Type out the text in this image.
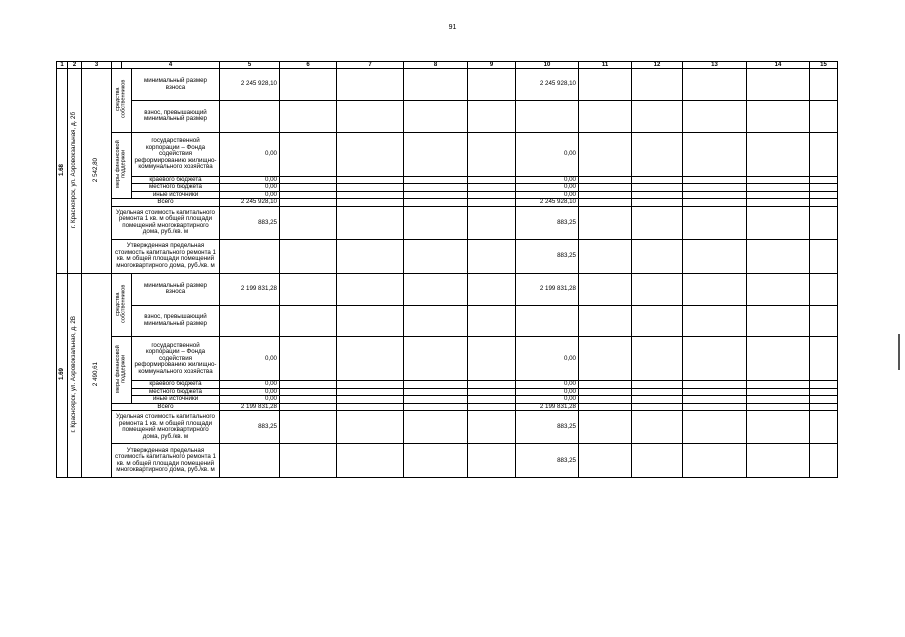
91
1	2	3		4		5	6	7	8	9	10	11	12	13	14	15
1.68	г. Красноярск, ул. Аэровокзальная, д. 2б	2 542,80	средства собственников		минимальный размер взноса	2 245 928,10					2 245 928,10					
					взнос, превышающий минимальный размер											
			меры финансовой поддержки		государственной корпорации – Фонда содействия реформированию жилищно-коммунального хозяйства	0,00					0,00					
					краевого бюджета	0,00					0,00					
					местного бюджета	0,00					0,00					
					иные источники	0,00					0,00					
			Всего			2 245 928,10					2 245 928,10					
			Удельная стоимость капитального ремонта 1 кв. м общей площади помещений многоквартирного дома, руб./кв. м			883,25					883,25					
			Утвержденная предельная стоимость капитального ремонта 1 кв. м общей площади помещений многоквартирного дома, руб./кв. м								883,25					
1.69	г. Красноярск, ул. Аэровокзальная, д. 2В	2 490,61	средства собственников		минимальный размер взноса	2 199 831,28					2 199 831,28					
					взнос, превышающий минимальный размер											
			меры финансовой поддержки		государственной корпорации – Фонда содействия реформированию жилищно-коммунального хозяйства	0,00					0,00					
					краевого бюджета	0,00					0,00					
					местного бюджета	0,00					0,00					
					иные источники	0,00					0,00					
			Всего			2 199 831,28					2 199 831,28					
			Удельная стоимость капитального ремонта 1 кв. м общей площади помещений многоквартирного дома, руб./кв. м			883,25					883,25					
			Утвержденная предельная стоимость капитального ремонта 1 кв. м общей площади помещений многоквартирного дома, руб./кв. м								883,25					
